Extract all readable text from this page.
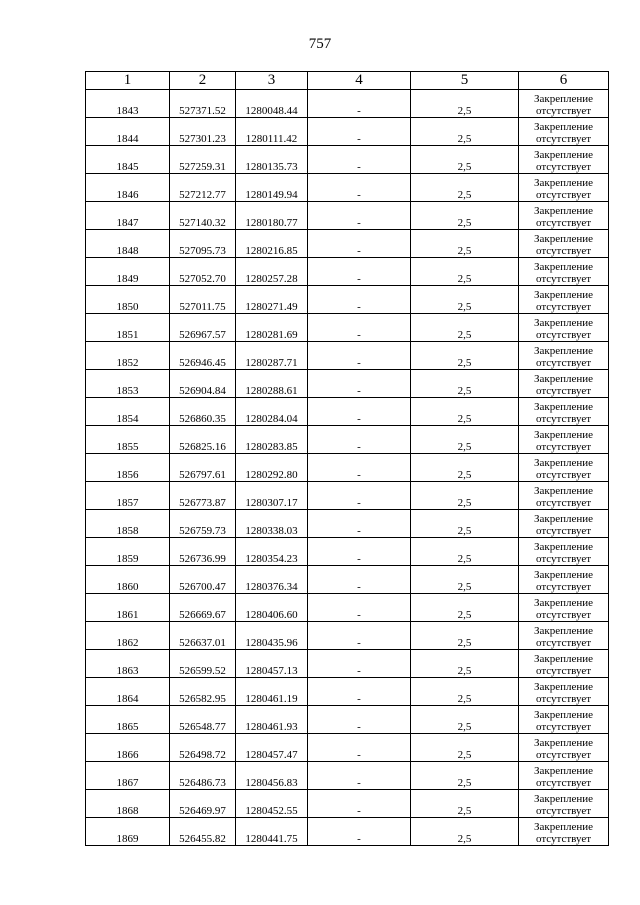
757
1	2	3	4	5	6
1843	527371.52	1280048.44	-	2,5	Закрепление отсутствует
1844	527301.23	1280111.42	-	2,5	Закрепление отсутствует
1845	527259.31	1280135.73	-	2,5	Закрепление отсутствует
1846	527212.77	1280149.94	-	2,5	Закрепление отсутствует
1847	527140.32	1280180.77	-	2,5	Закрепление отсутствует
1848	527095.73	1280216.85	-	2,5	Закрепление отсутствует
1849	527052.70	1280257.28	-	2,5	Закрепление отсутствует
1850	527011.75	1280271.49	-	2,5	Закрепление отсутствует
1851	526967.57	1280281.69	-	2,5	Закрепление отсутствует
1852	526946.45	1280287.71	-	2,5	Закрепление отсутствует
1853	526904.84	1280288.61	-	2,5	Закрепление отсутствует
1854	526860.35	1280284.04	-	2,5	Закрепление отсутствует
1855	526825.16	1280283.85	-	2,5	Закрепление отсутствует
1856	526797.61	1280292.80	-	2,5	Закрепление отсутствует
1857	526773.87	1280307.17	-	2,5	Закрепление отсутствует
1858	526759.73	1280338.03	-	2,5	Закрепление отсутствует
1859	526736.99	1280354.23	-	2,5	Закрепление отсутствует
1860	526700.47	1280376.34	-	2,5	Закрепление отсутствует
1861	526669.67	1280406.60	-	2,5	Закрепление отсутствует
1862	526637.01	1280435.96	-	2,5	Закрепление отсутствует
1863	526599.52	1280457.13	-	2,5	Закрепление отсутствует
1864	526582.95	1280461.19	-	2,5	Закрепление отсутствует
1865	526548.77	1280461.93	-	2,5	Закрепление отсутствует
1866	526498.72	1280457.47	-	2,5	Закрепление отсутствует
1867	526486.73	1280456.83	-	2,5	Закрепление отсутствует
1868	526469.97	1280452.55	-	2,5	Закрепление отсутствует
1869	526455.82	1280441.75	-	2,5	Закрепление отсутствует
